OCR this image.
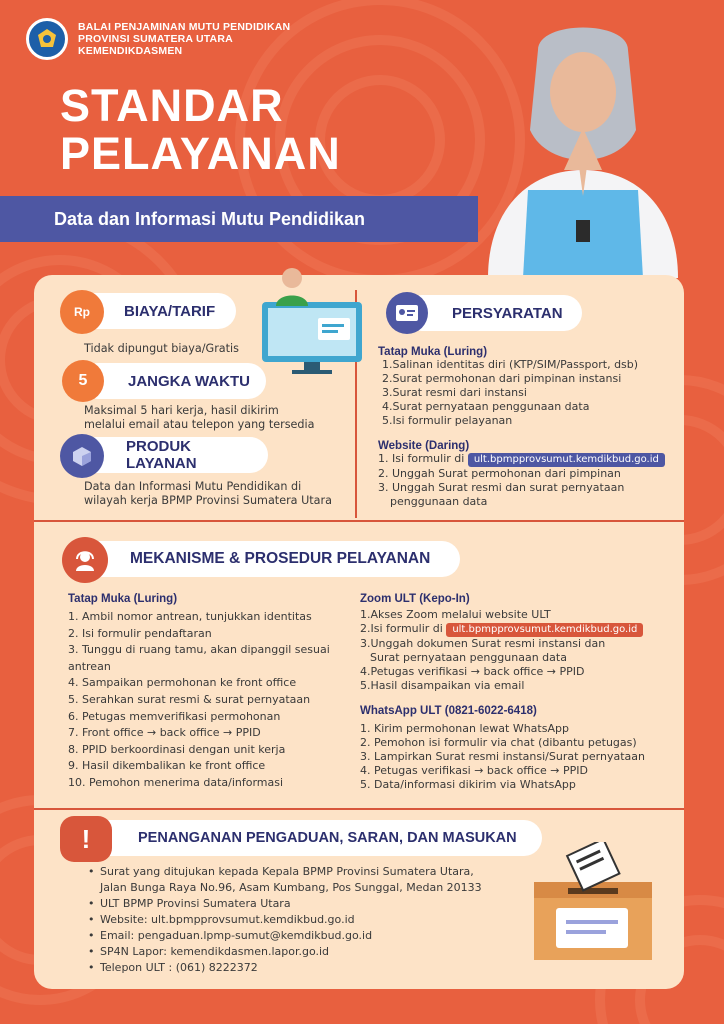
BALAI PENJAMINAN MUTU PENDIDIKAN
PROVINSI SUMATERA UTARA
KEMENDIKDASMEN
STANDAR
PELAYANAN
Data dan Informasi Mutu Pendidikan
Rp BIAYA/TARIF
Tidak dipungut biaya/Gratis
5	JANGKA WAKTU
Maksimal 5 hari kerja, hasil dikirim
melalui email atau telepon yang tersedia
PRODUK LAYANAN
Data dan Informasi Mutu Pendidikan di
wilayah kerja BPMP Provinsi Sumatera Utara
PERSYARATAN
Tatap Muka (Luring)
1.Salinan identitas diri (KTP/SIM/Passport, dsb)
2.Surat permohonan dari pimpinan instansi
3.Surat resmi dari instansi
4.Surat pernyataan penggunaan data
5.Isi formulir pelayanan
Website (Daring)
1. Isi formulir di ult.bpmpprovsumut.kemdikbud.go.id
2. Unggah Surat permohonan dari pimpinan
3. Unggah Surat resmi dan surat pernyataan
penggunaan data
MEKANISME & PROSEDUR PELAYANAN
Tatap Muka (Luring)
1. Ambil nomor antrean, tunjukkan identitas
2. Isi formulir pendaftaran
3. Tunggu di ruang tamu, akan dipanggil sesuai
antrean
4. Sampaikan permohonan ke front office
5. Serahkan surat resmi & surat pernyataan
6. Petugas memverifikasi permohonan
7. Front office → back office → PPID
8. PPID berkoordinasi dengan unit kerja
9. Hasil dikembalikan ke front office
10. Pemohon menerima data/informasi
Zoom ULT (Kepo-In)
1.Akses Zoom melalui website ULT
2.Isi formulir di ult.bpmpprovsumut.kemdikbud.go.id
3.Unggah dokumen Surat resmi instansi dan
Surat pernyataan penggunaan data
4.Petugas verifikasi → back office → PPID
5.Hasil disampaikan via email
WhatsApp ULT (0821-6022-6418)
1. Kirim permohonan lewat WhatsApp
2. Pemohon isi formulir via chat (dibantu petugas)
3. Lampirkan Surat resmi instansi/Surat pernyataan
4. Petugas verifikasi → back office → PPID
5. Data/informasi dikirim via WhatsApp
!	PENANGANAN PENGADUAN, SARAN, DAN MASUKAN
• Surat yang ditujukan kepada Kepala BPMP Provinsi Sumatera Utara,
Jalan Bunga Raya No.96, Asam Kumbang, Pos Sunggal, Medan 20133
• ULT BPMP Provinsi Sumatera Utara
• Website: ult.bpmpprovsumut.kemdikbud.go.id
• Email: pengaduan.lpmp-sumut@kemdikbud.go.id
• SP4N Lapor: kemendikdasmen.lapor.go.id
• Telepon ULT : (061) 8222372
